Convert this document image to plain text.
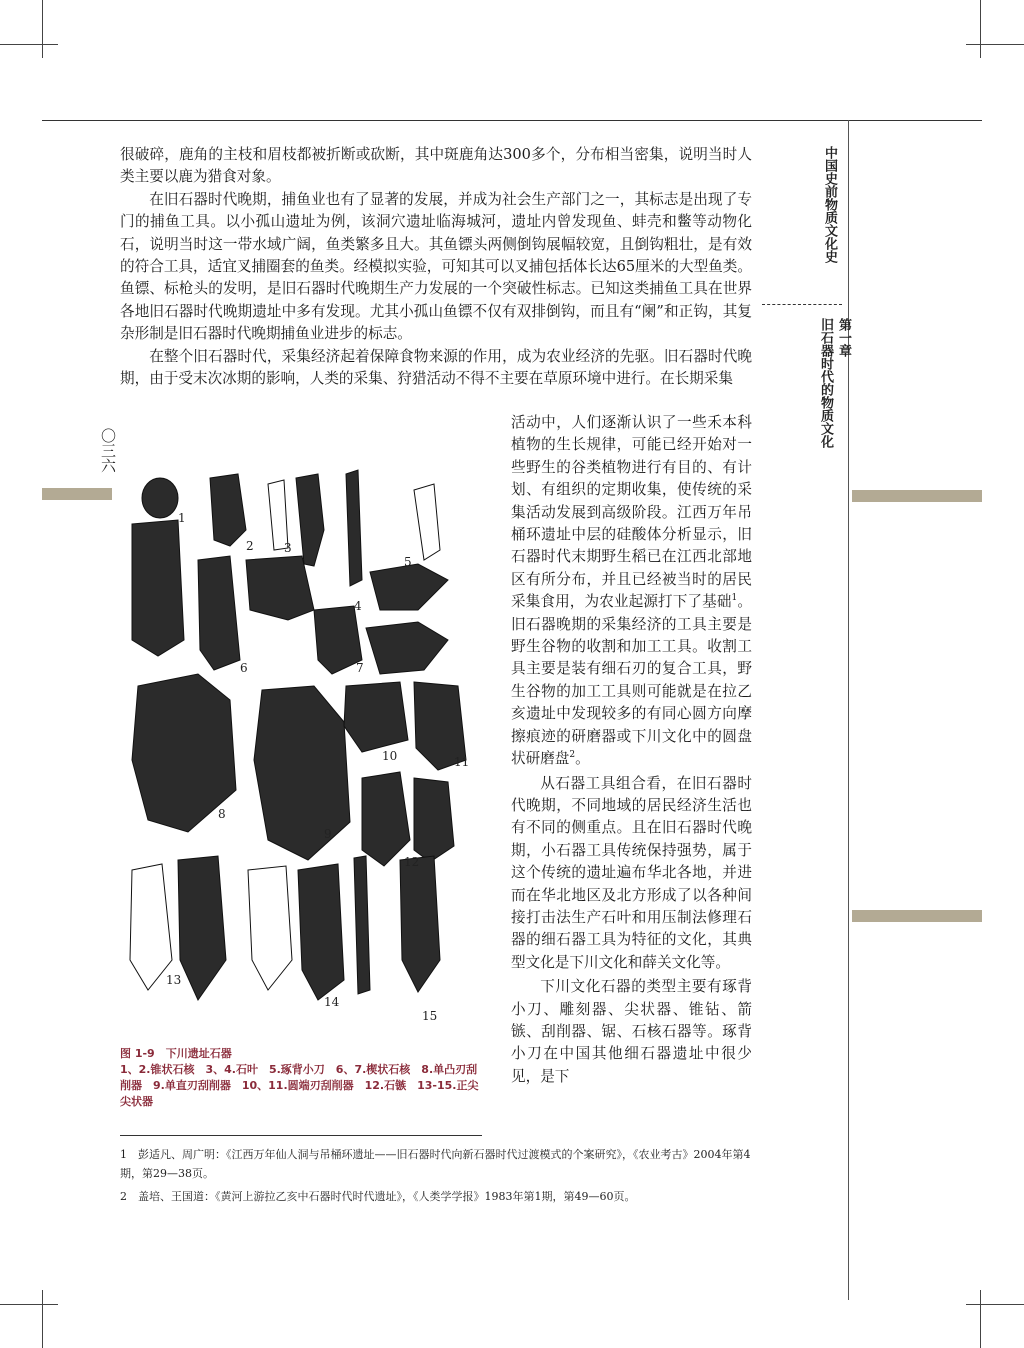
中国史前物质文化史
第一章
旧石器时代的物质文化
〇三六

很破碎，鹿角的主枝和眉枝都被折断或砍断，其中斑鹿角达300多个，分布相当密集，说明当时人类主要以鹿为猎食对象。

在旧石器时代晚期，捕鱼业也有了显著的发展，并成为社会生产部门之一，其标志是出现了专门的捕鱼工具。以小孤山遗址为例，该洞穴遗址临海城河，遗址内曾发现鱼、蚌壳和鳖等动物化石，说明当时这一带水域广阔，鱼类繁多且大。其鱼镖头两侧倒钩展幅较宽，且倒钩粗壮，是有效的符合工具，适宜叉捕圈套的鱼类。经模拟实验，可知其可以叉捕包括体长达65厘米的大型鱼类。鱼镖、标枪头的发明，是旧石器时代晚期生产力发展的一个突破性标志。已知这类捕鱼工具在世界各地旧石器时代晚期遗址中多有发现。尤其小孤山鱼镖不仅有双排倒钩，而且有“阑”和正钩，其复杂形制是旧石器时代晚期捕鱼业进步的标志。

在整个旧石器时代，采集经济起着保障食物来源的作用，成为农业经济的先驱。旧石器时代晚期，由于受末次冰期的影响，人类的采集、狩猎活动不得不主要在草原环境中进行。在长期采集

活动中，人们逐渐认识了一些禾本科植物的生长规律，可能已经开始对一些野生的谷类植物进行有目的、有计划、有组织的定期收集，使传统的采集活动发展到高级阶段。江西万年吊桶环遗址中层的硅酸体分析显示，旧石器时代末期野生稻已在江西北部地区有所分布，并且已经被当时的居民采集食用，为农业起源打下了基础$^1$。旧石器晚期的采集经济的工具主要是野生谷物的收割和加工工具。收割工具主要是装有细石刃的复合工具，野生谷物的加工工具则可能就是在拉乙亥遗址中发现较多的有同心圆方向摩擦痕迹的研磨器或下川文化中的圆盘状研磨盘$^2$。

从石器工具组合看，在旧石器时代晚期，不同地域的居民经济生活也有不同的侧重点。且在旧石器时代晚期，小石器工具传统保持强势，属于这个传统的遗址遍布华北各地，并进而在华北地区及北方形成了以各种间接打击法生产石叶和用压制法修理石器的细石器工具为特征的文化，其典型文化是下川文化和薛关文化等。

下川文化石器的类型主要有琢背小刀、雕刻器、尖状器、锥钻、箭镞、刮削器、锯、石核石器等。琢背小刀在中国其他细石器遗址中很少见，是下

1
2	3
4
5
6	7
8
9
10	11
12
13
14
15
图 1-9　下川遗址石器
1、2.锥状石核　3、4.石叶　5.琢背小刀　6、7.楔状石核　8.单凸刃刮削器　9.单直刃刮削器　10、11.圆端刃刮削器　12.石镞　13-15.正尖尖状器

1　彭适凡、周广明：《江西万年仙人洞与吊桶环遗址——旧石器时代向新石器时代过渡模式的个案研究》，《农业考古》2004年第4期，第29—38页。

2　盖培、王国道：《黄河上游拉乙亥中石器时代时代遗址》，《人类学学报》1983年第1期，第49—60页。
